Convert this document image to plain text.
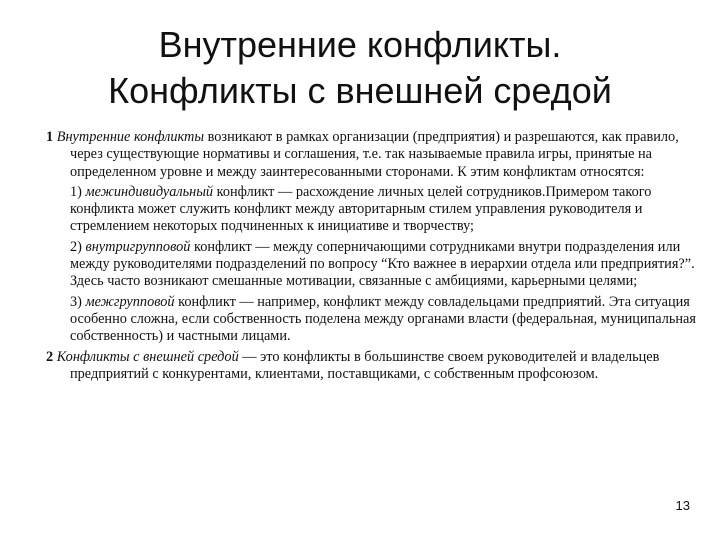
Внутренние конфликты.
Конфликты с внешней средой

1 Внутренние конфликты возникают в рамках организации (предприятия) и разрешаются, как правило, через существующие нормативы и соглашения, т.е. так называемые правила игры, принятые на определенном уровне и между заинтересованными сторонами. К этим конфликтам относятся:

1) межиндивидуальный конфликт — расхождение личных целей сотрудников.Примером такого конфликта может служить конфликт между авторитарным стилем управления руководителя и стремлением некоторых подчиненных к инициативе и творчеству;

2) внутригрупповой конфликт — между соперничающими сотрудниками внутри подразделения или между руководителями подразделений по вопросу “Кто важнее в иерархии отдела или предприятия?”. Здесь часто возникают смешанные мотивации, связанные с амбициями, карьерными целями;

3) межгрупповой конфликт — например, конфликт между совладельцами предприятий. Эта ситуация особенно сложна, если собственность поделена между органами власти (федеральная, муниципальная собственность) и частными лицами.

2 Конфликты с внешней средой — это конфликты в большинстве своем руководителей и владельцев предприятий с конкурентами, клиентами, поставщиками, с собственным профсоюзом.

13
